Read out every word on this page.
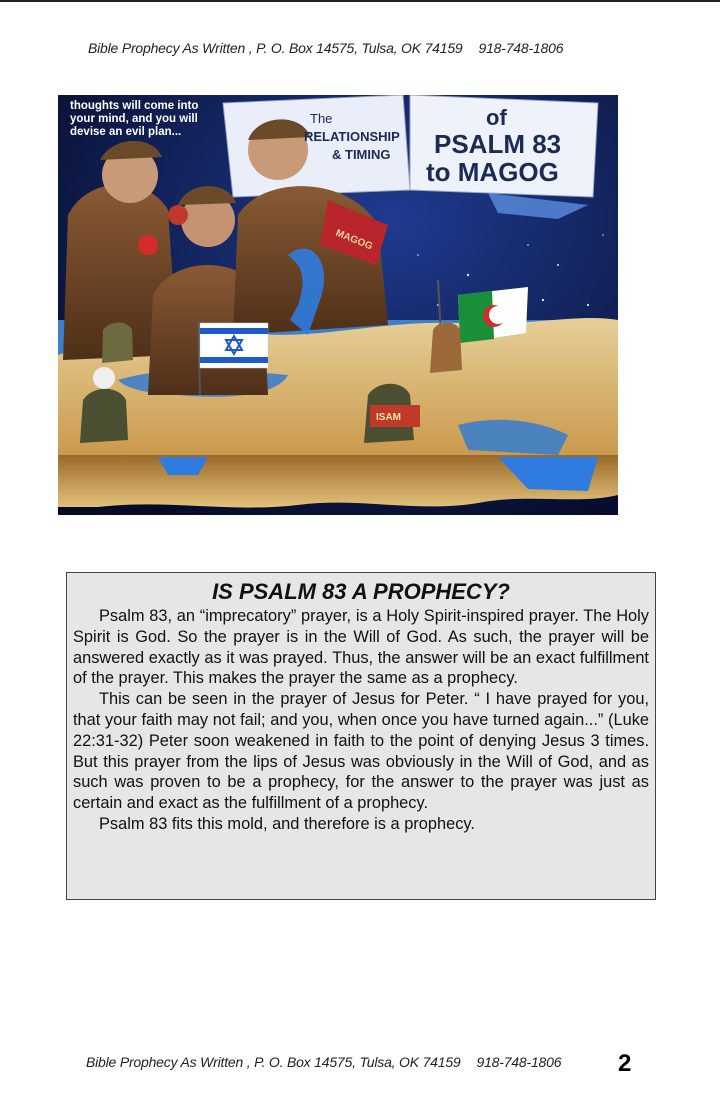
Bible Prophecy As Written , P. O. Box 14575, Tulsa, OK 74159 918-748-1806
MAGOG
ISAM
thoughts will come into your mind, and you will devise an evil plan...
The RELATIONSHIP & TIMING
of PSALM 83 to MAGOG
IS PSALM 83 A PROPHECY?

Psalm 83, an “imprecatory” prayer, is a Holy Spirit-inspired prayer. The Holy Spirit is God. So the prayer is in the Will of God. As such, the prayer will be answered exactly as it was prayed. Thus, the answer will be an exact fulfillment of the prayer. This makes the prayer the same as a prophecy.

This can be seen in the prayer of Jesus for Peter. “ I have prayed for you, that your faith may not fail; and you, when once you have turned again...” (Luke 22:31-32) Peter soon weakened in faith to the point of denying Jesus 3 times. But this prayer from the lips of Jesus was obviously in the Will of God, and as such was proven to be a prophecy, for the answer to the prayer was just as certain and exact as the fulfillment of a prophecy.

Psalm 83 fits this mold, and therefore is a prophecy.

Bible Prophecy As Written , P. O. Box 14575, Tulsa, OK 74159 918-748-1806 2
